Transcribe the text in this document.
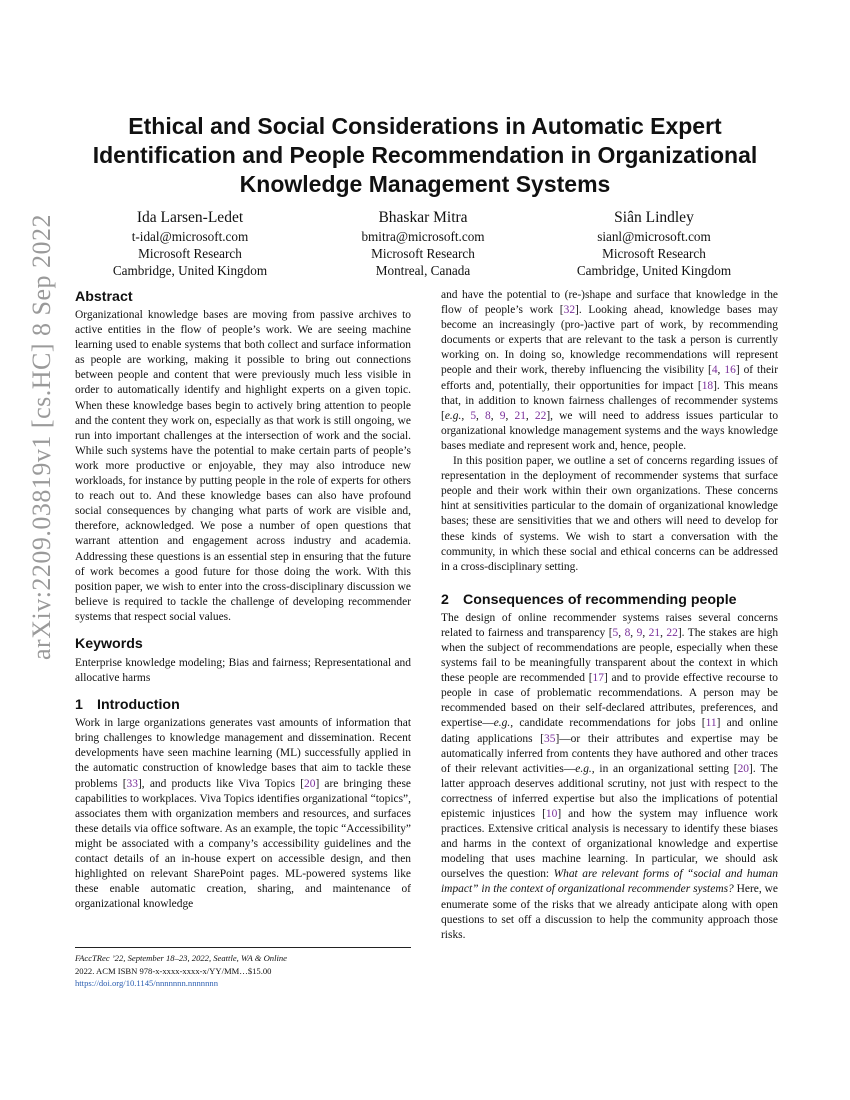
arXiv:2209.03819v1 [cs.HC] 8 Sep 2022
Ethical and Social Considerations in Automatic Expert
Identification and People Recommendation in Organizational
Knowledge Management Systems
Ida Larsen-Ledet
t-idal@microsoft.com
Microsoft Research
Cambridge, United Kingdom
Bhaskar Mitra
bmitra@microsoft.com
Microsoft Research
Montreal, Canada
Siân Lindley
sianl@microsoft.com
Microsoft Research
Cambridge, United Kingdom
Abstract

Organizational knowledge bases are moving from passive archives to active entities in the flow of people’s work. We are seeing machine learning used to enable systems that both collect and surface information as people are working, making it possible to bring out connections between people and content that were previously much less visible in order to automatically identify and highlight experts on a given topic. When these knowledge bases begin to actively bring attention to people and the content they work on, especially as that work is still ongoing, we run into important challenges at the intersection of work and the social. While such systems have the potential to make certain parts of people’s work more productive or enjoyable, they may also introduce new workloads, for instance by putting people in the role of experts for others to reach out to. And these knowledge bases can also have profound social consequences by changing what parts of work are visible and, therefore, acknowledged. We pose a number of open questions that warrant attention and engagement across industry and academia. Addressing these questions is an essential step in ensuring that the future of work becomes a good future for those doing the work. With this position paper, we wish to enter into the cross-disciplinary discussion we believe is required to tackle the challenge of developing recommender systems that respect social values.

Keywords

Enterprise knowledge modeling; Bias and fairness; Representational and allocative harms

1 Introduction

Work in large organizations generates vast amounts of information that bring challenges to knowledge management and dissemination. Recent developments have seen machine learning (ML) successfully applied in the automatic construction of knowledge bases that aim to tackle these problems [33], and products like Viva Topics [20] are bringing these capabilities to workplaces. Viva Topics identifies organizational “topics”, associates them with organization members and resources, and surfaces these details via office software. As an example, the topic “Accessibility” might be associated with a company’s accessibility guidelines and the contact details of an in-house expert on accessible design, and then highlighted on relevant SharePoint pages. ML-powered systems like these enable automatic creation, sharing, and maintenance of organizational knowledge

FAccTRec ’22, September 18–23, 2022, Seattle, WA & Online
2022. ACM ISBN 978-x-xxxx-xxxx-x/YY/MM…$15.00
https://doi.org/10.1145/nnnnnnn.nnnnnnn

and have the potential to (re-)shape and surface that knowledge in the flow of people’s work [32]. Looking ahead, knowledge bases may become an increasingly (pro-)active part of work, by recommending documents or experts that are relevant to the task a person is currently working on. In doing so, knowledge recommendations will represent people and their work, thereby influencing the visibility [4, 16] of their efforts and, potentially, their opportunities for impact [18]. This means that, in addition to known fairness challenges of recommender systems [e.g., 5, 8, 9, 21, 22], we will need to address issues particular to organizational knowledge management systems and the ways knowledge bases mediate and represent work and, hence, people.

In this position paper, we outline a set of concerns regarding issues of representation in the deployment of recommender systems that surface people and their work within their own organizations. These concerns hint at sensitivities particular to the domain of organizational knowledge bases; these are sensitivities that we and others will need to develop for these kinds of systems. We wish to start a conversation with the community, in which these social and ethical concerns can be addressed in a cross-disciplinary setting.

2 Consequences of recommending people

The design of online recommender systems raises several concerns related to fairness and transparency [5, 8, 9, 21, 22]. The stakes are high when the subject of recommendations are people, especially when these systems fail to be meaningfully transparent about the context in which these people are recommended [17] and to provide effective recourse to people in case of problematic recommendations. A person may be recommended based on their self-declared attributes, preferences, and expertise—e.g., candidate recommendations for jobs [11] and online dating applications [35]—or their attributes and expertise may be automatically inferred from contents they have authored and other traces of their relevant activities—e.g., in an organizational setting [20]. The latter approach deserves additional scrutiny, not just with respect to the correctness of inferred expertise but also the implications of potential epistemic injustices [10] and how the system may influence work practices. Extensive critical analysis is necessary to identify these biases and harms in the context of organizational knowledge and expertise modeling that uses machine learning. In particular, we should ask ourselves the question: What are relevant forms of “social and human impact” in the context of organizational recommender systems? Here, we enumerate some of the risks that we already anticipate along with open questions to set off a discussion to help the community approach those risks.
